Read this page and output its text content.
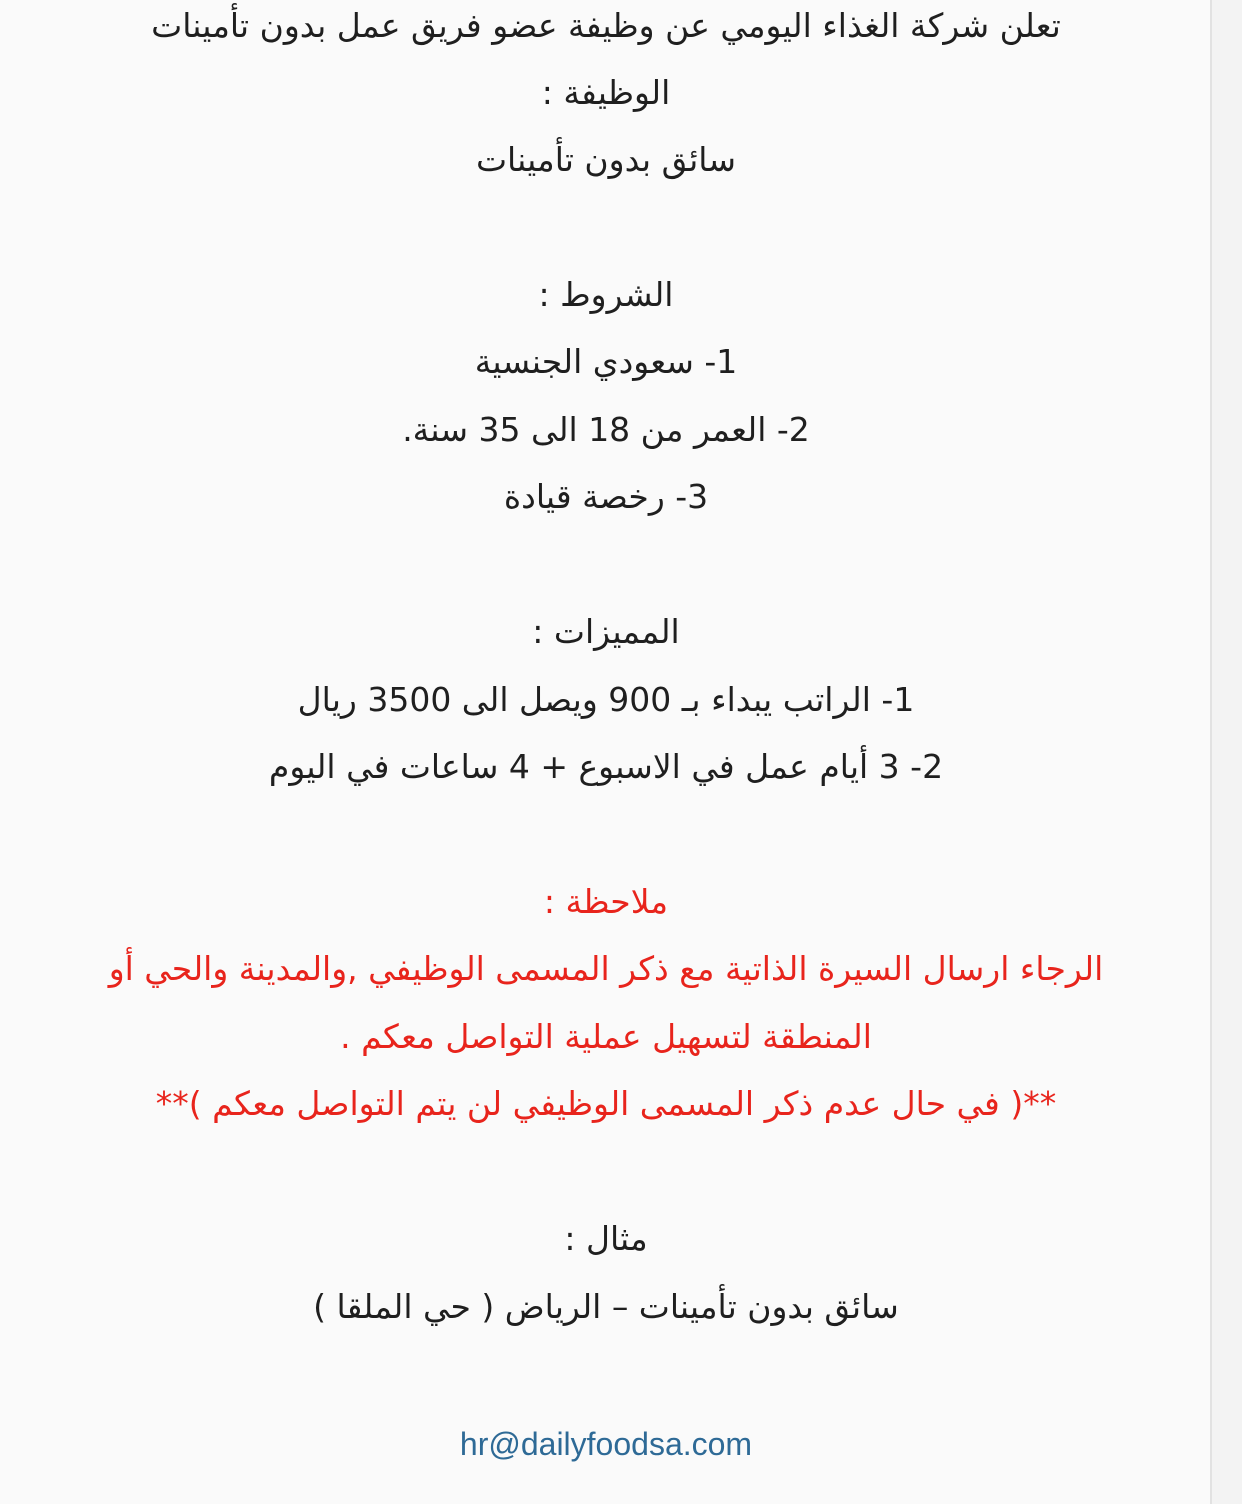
تعلن شركة الغذاء اليومي عن وظيفة عضو فريق عمل بدون تأمينات
الوظيفة :
سائق بدون تأمينات
الشروط :
1- سعودي الجنسية
2- العمر من 18 الى 35 سنة.
3- رخصة قيادة
المميزات :
1- الراتب يبداء بـ 900 ويصل الى 3500 ريال
2- 3 أيام عمل في الاسبوع + 4 ساعات في اليوم
ملاحظة :
الرجاء ارسال السيرة الذاتية مع ذكر المسمى الوظيفي ,والمدينة والحي أو
المنطقة لتسهيل عملية التواصل معكم .
**( في حال عدم ذكر المسمى الوظيفي لن يتم التواصل معكم )**
مثال :
سائق بدون تأمينات – الرياض ( حي الملقا )
hr@dailyfoodsa.com
